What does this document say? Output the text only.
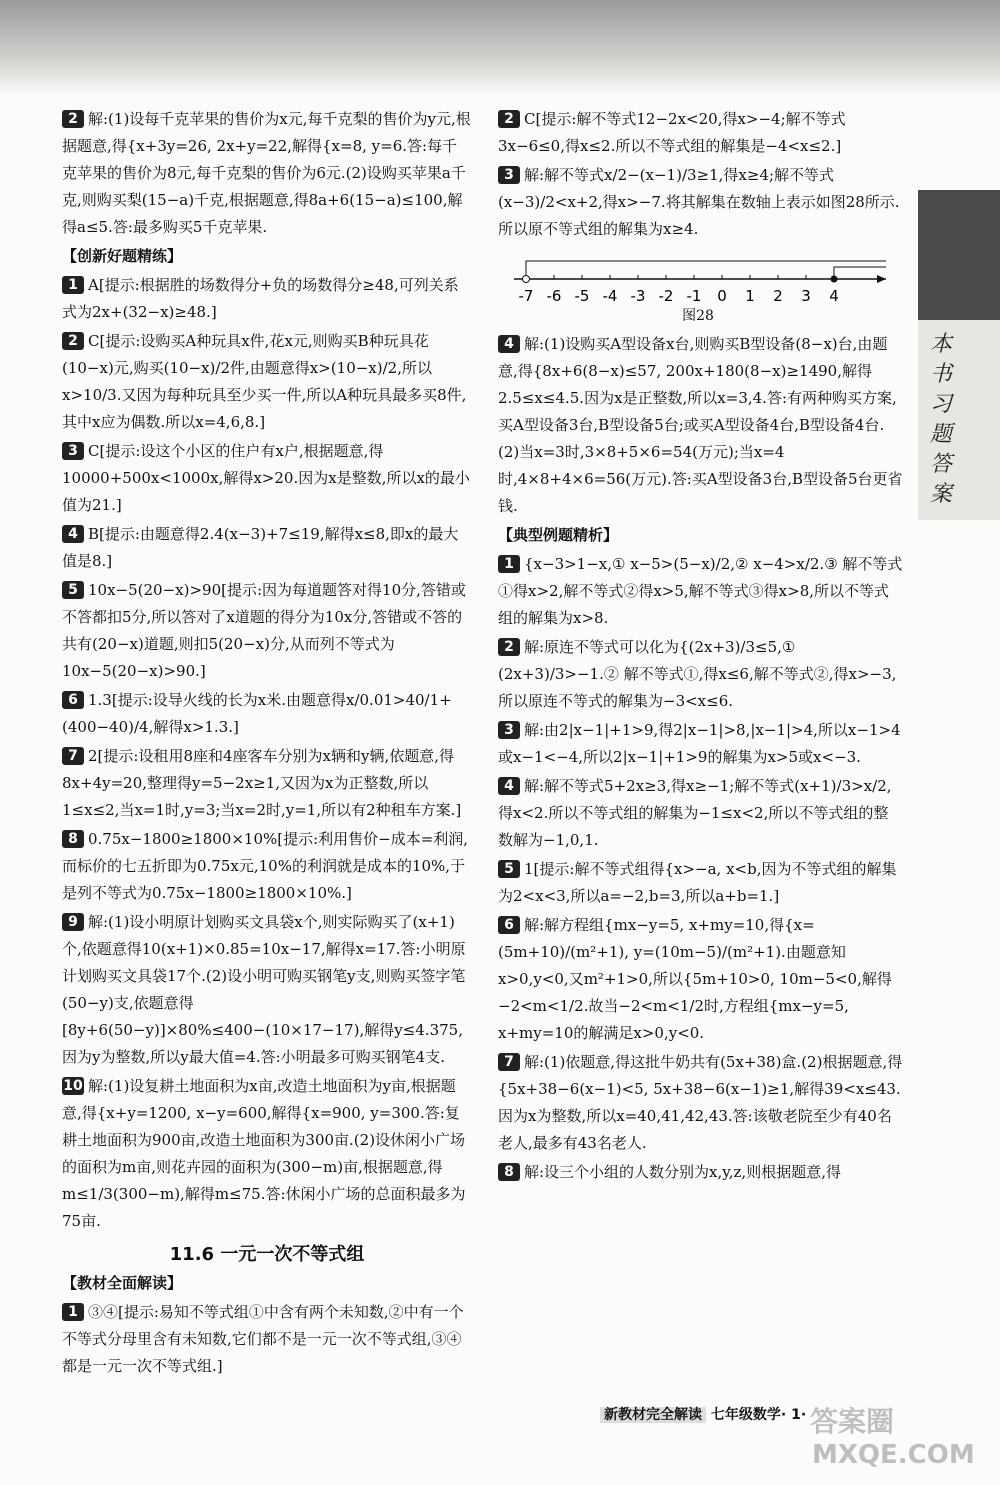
本书习题答案
2 解:(1)设每千克苹果的售价为x元,每千克梨的售价为y元,根据题意,得{x+3y=26, 2x+y=22,解得{x=8, y=6.答:每千克苹果的售价为8元,每千克梨的售价为6元.(2)设购买苹果a千克,则购买梨(15−a)千克,根据题意,得8a+6(15−a)≤100,解得a≤5.答:最多购买5千克苹果.
【创新好题精练】
1 A[提示:根据胜的场数得分+负的场数得分≥48,可列关系式为2x+(32−x)≥48.]
2 C[提示:设购买A种玩具x件,花x元,则购买B种玩具花(10−x)元,购买(10−x)/2件,由题意得x>(10−x)/2,所以x>10/3.又因为每种玩具至少买一件,所以A种玩具最多买8件,其中x应为偶数.所以x=4,6,8.]
3 C[提示:设这个小区的住户有x户,根据题意,得10000+500x<1000x,解得x>20.因为x是整数,所以x的最小值为21.]
4 B[提示:由题意得2.4(x−3)+7≤19,解得x≤8,即x的最大值是8.]
5 10x−5(20−x)>90[提示:因为每道题答对得10分,答错或不答都扣5分,所以答对了x道题的得分为10x分,答错或不答的共有(20−x)道题,则扣5(20−x)分,从而列不等式为10x−5(20−x)>90.]
6 1.3[提示:设导火线的长为x米.由题意得x/0.01>40/1+(400−40)/4,解得x>1.3.]
7 2[提示:设租用8座和4座客车分别为x辆和y辆,依题意,得8x+4y=20,整理得y=5−2x≥1,又因为x为正整数,所以1≤x≤2,当x=1时,y=3;当x=2时,y=1,所以有2种租车方案.]
8 0.75x−1800≥1800×10%[提示:利用售价−成本=利润,而标价的七五折即为0.75x元,10%的利润就是成本的10%,于是列不等式为0.75x−1800≥1800×10%.]
9 解:(1)设小明原计划购买文具袋x个,则实际购买了(x+1)个,依题意得10(x+1)×0.85=10x−17,解得x=17.答:小明原计划购买文具袋17个.(2)设小明可购买钢笔y支,则购买签字笔(50−y)支,依题意得[8y+6(50−y)]×80%≤400−(10×17−17),解得y≤4.375,因为y为整数,所以y最大值=4.答:小明最多可购买钢笔4支.
10 解:(1)设复耕土地面积为x亩,改造土地面积为y亩,根据题意,得{x+y=1200, x−y=600,解得{x=900, y=300.答:复耕土地面积为900亩,改造土地面积为300亩.(2)设休闲小广场的面积为m亩,则花卉园的面积为(300−m)亩,根据题意,得m≤1/3(300−m),解得m≤75.答:休闲小广场的总面积最多为75亩.
11.6 一元一次不等式组
【教材全面解读】
1 ③④[提示:易知不等式组①中含有两个未知数,②中有一个不等式分母里含有未知数,它们都不是一元一次不等式组,③④都是一元一次不等式组.]
2 C[提示:解不等式12−2x<20,得x>−4;解不等式3x−6≤0,得x≤2.所以不等式组的解集是−4<x≤2.]
3 解:解不等式x/2−(x−1)/3≥1,得x≥4;解不等式(x−3)/2<x+2,得x>−7.将其解集在数轴上表示如图28所示.所以原不等式组的解集为x≥4.
-7 -6 -5 -4 -3 -2 -1 0 1 2 3 4
图28
4 解:(1)设购买A型设备x台,则购买B型设备(8−x)台,由题意,得{8x+6(8−x)≤57, 200x+180(8−x)≥1490,解得2.5≤x≤4.5.因为x是正整数,所以x=3,4.答:有两种购买方案,买A型设备3台,B型设备5台;或买A型设备4台,B型设备4台.(2)当x=3时,3×8+5×6=54(万元);当x=4时,4×8+4×6=56(万元).答:买A型设备3台,B型设备5台更省钱.
【典型例题精析】
1 {x−3>1−x,① x−5>(5−x)/2,② x−4>x/2.③ 解不等式①得x>2,解不等式②得x>5,解不等式③得x>8,所以不等式组的解集为x>8.
2 解:原连不等式可以化为{(2x+3)/3≤5,① (2x+3)/3>−1.② 解不等式①,得x≤6,解不等式②,得x>−3,所以原连不等式的解集为−3<x≤6.
3 解:由2|x−1|+1>9,得2|x−1|>8,|x−1|>4,所以x−1>4或x−1<−4,所以2|x−1|+1>9的解集为x>5或x<−3.
4 解:解不等式5+2x≥3,得x≥−1;解不等式(x+1)/3>x/2,得x<2.所以不等式组的解集为−1≤x<2,所以不等式组的整数解为−1,0,1.
5 1[提示:解不等式组得{x>−a, x<b,因为不等式组的解集为2<x<3,所以a=−2,b=3,所以a+b=1.]
6 解:解方程组{mx−y=5, x+my=10,得{x=(5m+10)/(m²+1), y=(10m−5)/(m²+1).由题意知x>0,y<0,又m²+1>0,所以{5m+10>0, 10m−5<0,解得−2<m<1/2.故当−2<m<1/2时,方程组{mx−y=5, x+my=10的解满足x>0,y<0.
7 解:(1)依题意,得这批牛奶共有(5x+38)盒.(2)根据题意,得{5x+38−6(x−1)<5, 5x+38−6(x−1)≥1,解得39<x≤43.因为x为整数,所以x=40,41,42,43.答:该敬老院至少有40名老人,最多有43名老人.
8 解:设三个小组的人数分别为x,y,z,则根据题意,得
新教材完全解读 七年级数学· 1· 答案圈
MXQE.COM
